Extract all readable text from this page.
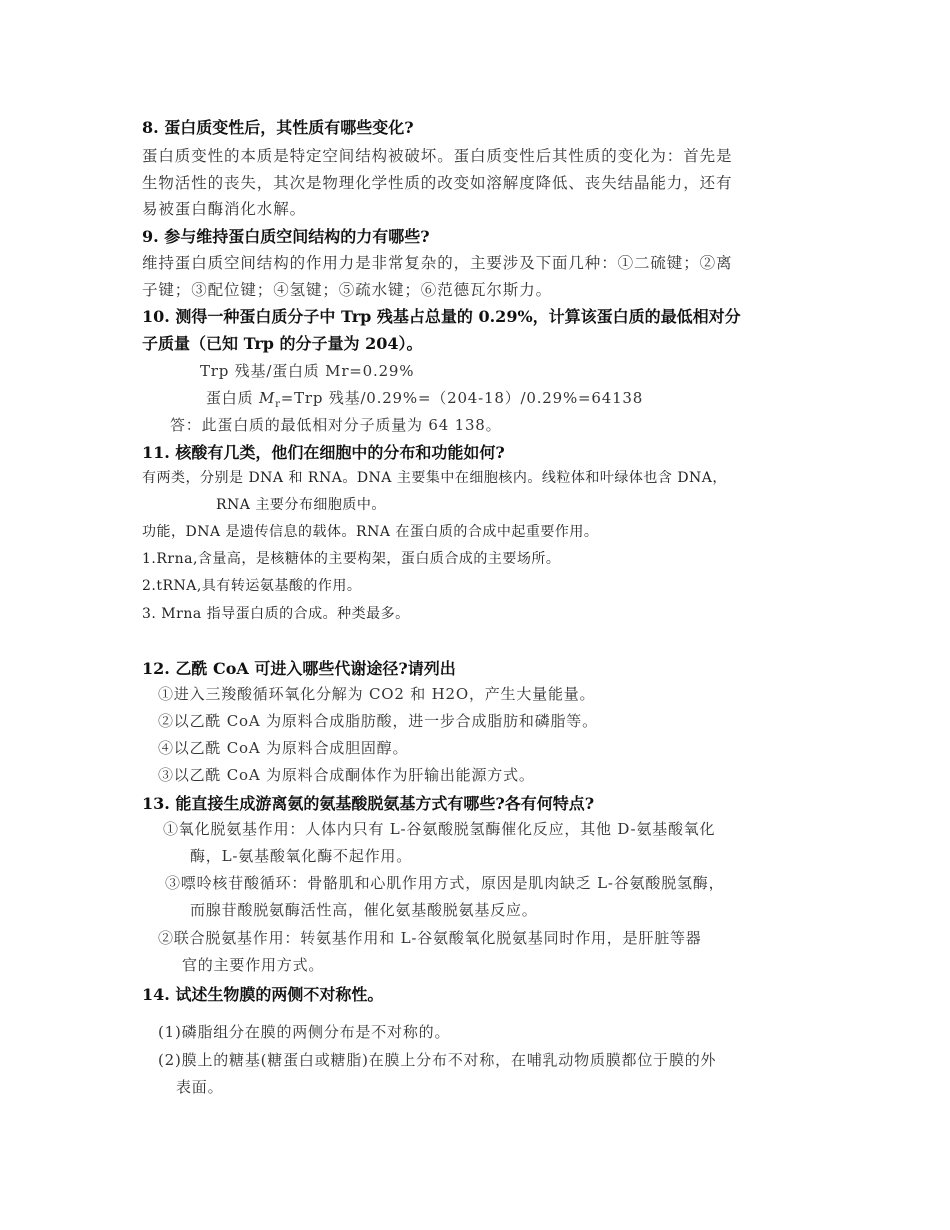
8. 蛋白质变性后，其性质有哪些变化?
蛋白质变性的本质是特定空间结构被破坏。蛋白质变性后其性质的变化为：首先是
生物活性的丧失，其次是物理化学性质的改变如溶解度降低、丧失结晶能力，还有
易被蛋白酶消化水解。
9. 参与维持蛋白质空间结构的力有哪些?
维持蛋白质空间结构的作用力是非常复杂的，主要涉及下面几种：①二硫键；②离
子键；③配位键；④氢键；⑤疏水键；⑥范德瓦尔斯力。
10. 测得一种蛋白质分子中 Trp 残基占总量的 0.29%，计算该蛋白质的最低相对分
子质量（已知 Trp 的分子量为 204）。
Trp 残基/蛋白质 Mr=0.29%
蛋白质 $M_r=Trp$ 残基/0.29%=（204-18）/0.29%=64138
答：此蛋白质的最低相对分子质量为 64 138。
11. 核酸有几类，他们在细胞中的分布和功能如何?
有两类，分别是 DNA 和 RNA。DNA 主要集中在细胞核内。线粒体和叶绿体也含 DNA，
RNA 主要分布细胞质中。
功能，DNA 是遗传信息的载体。RNA 在蛋白质的合成中起重要作用。
1.Rrna,含量高，是核糖体的主要构架，蛋白质合成的主要场所。
2.tRNA,具有转运氨基酸的作用。
3. Mrna 指导蛋白质的合成。种类最多。
12. 乙酰 CoA 可进入哪些代谢途径?请列出
①进入三羧酸循环氧化分解为 CO2 和 H2O，产生大量能量。
②以乙酰 CoA 为原料合成脂肪酸，进一步合成脂肪和磷脂等。
④以乙酰 CoA 为原料合成胆固醇。
③以乙酰 CoA 为原料合成酮体作为肝输出能源方式。
13. 能直接生成游离氨的氨基酸脱氨基方式有哪些?各有何特点?
①氧化脱氨基作用：人体内只有 L-谷氨酸脱氢酶催化反应，其他 D-氨基酸氧化
酶，L-氨基酸氧化酶不起作用。
③嘌呤核苷酸循环：骨骼肌和心肌作用方式，原因是肌肉缺乏 L-谷氨酸脱氢酶，
而腺苷酸脱氨酶活性高，催化氨基酸脱氨基反应。
②联合脱氨基作用：转氨基作用和 L-谷氨酸氧化脱氨基同时作用，是肝脏等器
官的主要作用方式。
14. 试述生物膜的两侧不对称性。
(1)磷脂组分在膜的两侧分布是不对称的。
(2)膜上的糖基(糖蛋白或糖脂)在膜上分布不对称，在哺乳动物质膜都位于膜的外
表面。
